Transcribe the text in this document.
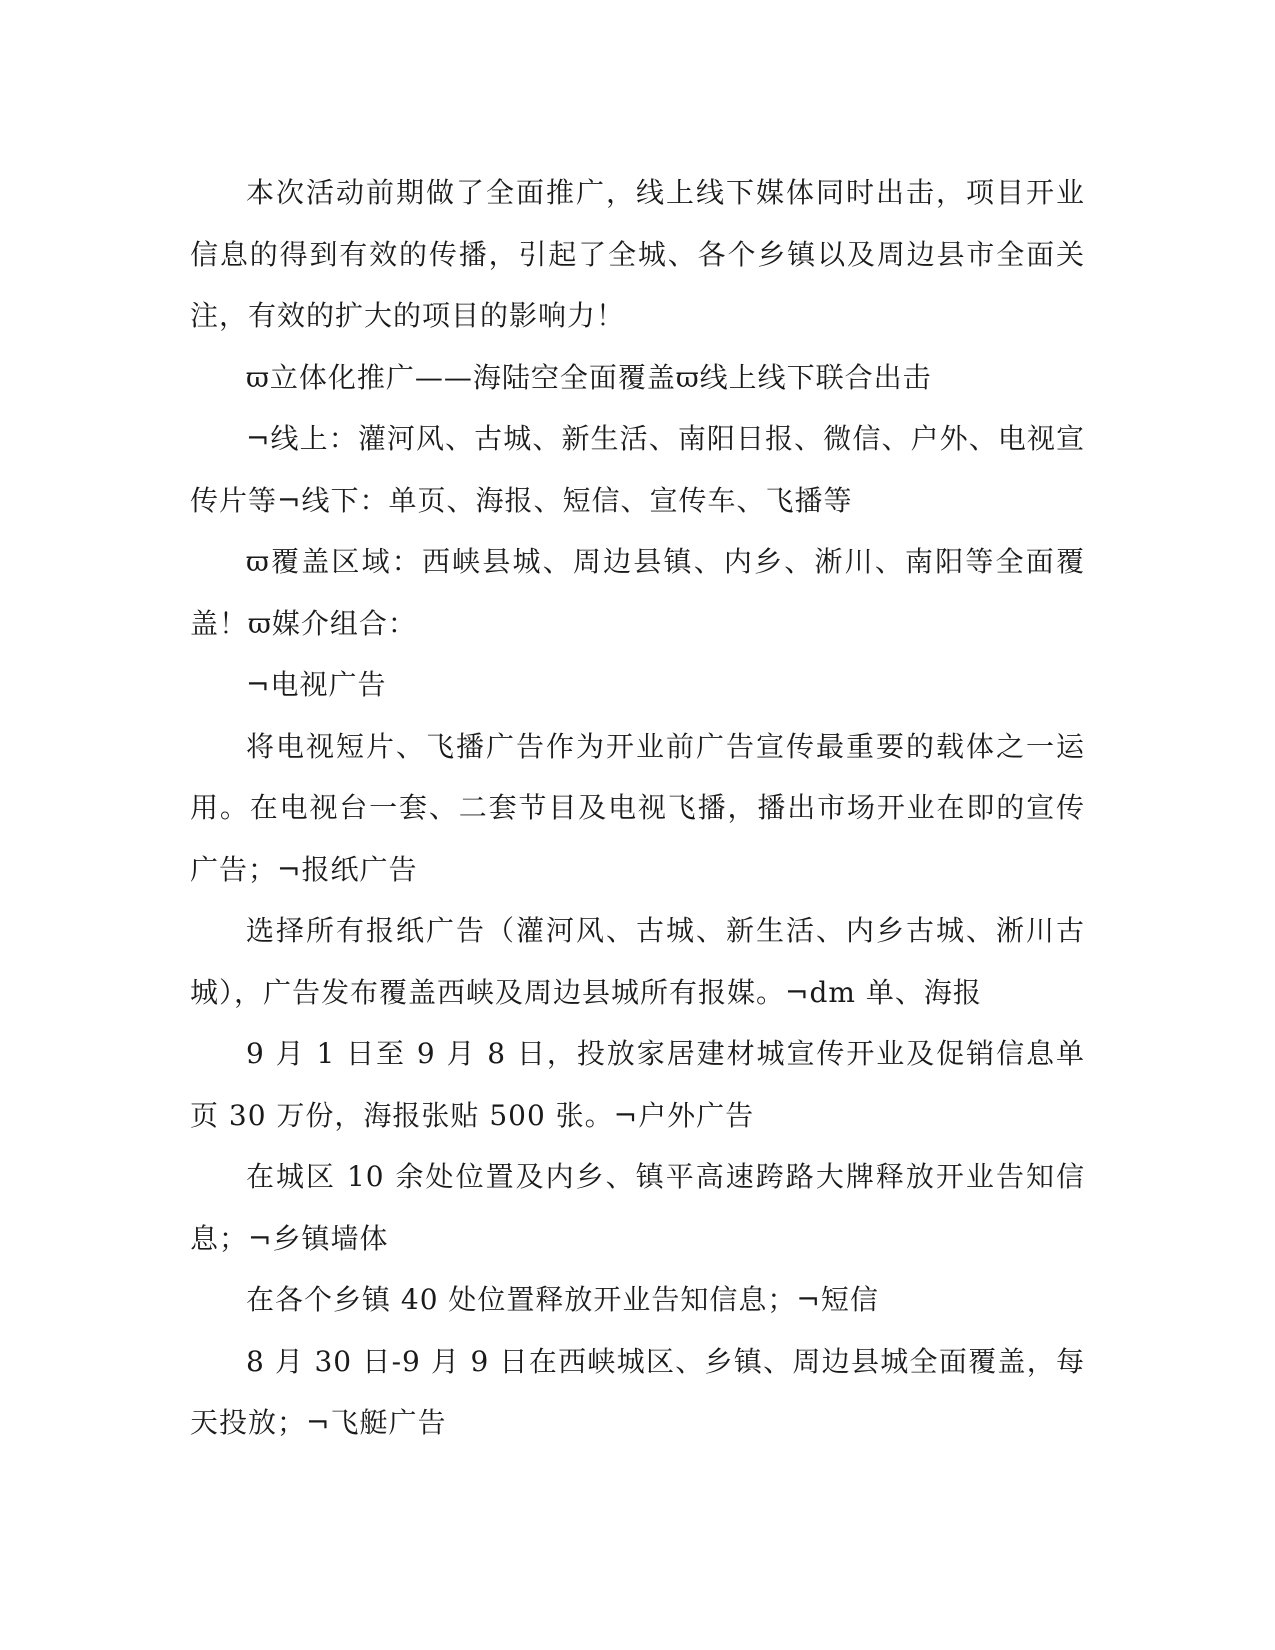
本次活动前期做了全面推广，线上线下媒体同时出击，项目开业信息的得到有效的传播，引起了全城、各个乡镇以及周边县市全面关注，有效的扩大的项目的影响力！

ϖ立体化推广——海陆空全面覆盖ϖ线上线下联合出击

¬线上：灌河风、古城、新生活、南阳日报、微信、户外、电视宣传片等¬线下：单页、海报、短信、宣传车、飞播等

ϖ覆盖区域：西峡县城、周边县镇、内乡、淅川、南阳等全面覆盖！ϖ媒介组合：

¬电视广告

将电视短片、飞播广告作为开业前广告宣传最重要的载体之一运用。在电视台一套、二套节目及电视飞播，播出市场开业在即的宣传广告；¬报纸广告

选择所有报纸广告（灌河风、古城、新生活、内乡古城、淅川古城），广告发布覆盖西峡及周边县城所有报媒。¬dm 单、海报

9 月 1 日至 9 月 8 日，投放家居建材城宣传开业及促销信息单页 30 万份，海报张贴 500 张。¬户外广告

在城区 10 余处位置及内乡、镇平高速跨路大牌释放开业告知信息；¬乡镇墙体

在各个乡镇 40 处位置释放开业告知信息；¬短信

8 月 30 日-9 月 9 日在西峡城区、乡镇、周边县城全面覆盖，每天投放；¬飞艇广告
